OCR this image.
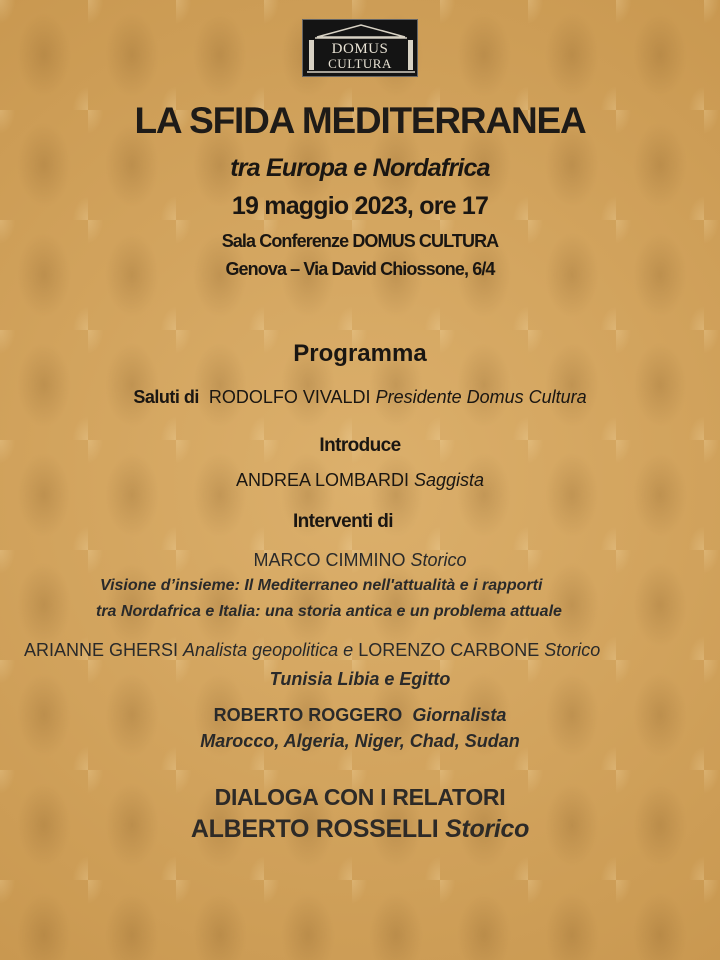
DOMUS
CULTURA
LA SFIDA MEDITERRANEA
tra Europa e Nordafrica
19 maggio 2023, ore 17
Sala Conferenze DOMUS CULTURA
Genova – Via David Chiossone, 6/4
Programma
Saluti di RODOLFO VIVALDI Presidente Domus Cultura
Introduce
ANDREA LOMBARDI Saggista
Interventi di
MARCO CIMMINO Storico
Visione d’insieme: Il Mediterraneo nell'attualità e i rapporti
tra Nordafrica e Italia: una storia antica e un problema attuale
ARIANNE GHERSI Analista geopolitica e LORENZO CARBONE Storico
Tunisia Libia e Egitto
ROBERTO ROGGERO Giornalista
Marocco, Algeria, Niger, Chad, Sudan
DIALOGA CON I RELATORI
ALBERTO ROSSELLI Storico
